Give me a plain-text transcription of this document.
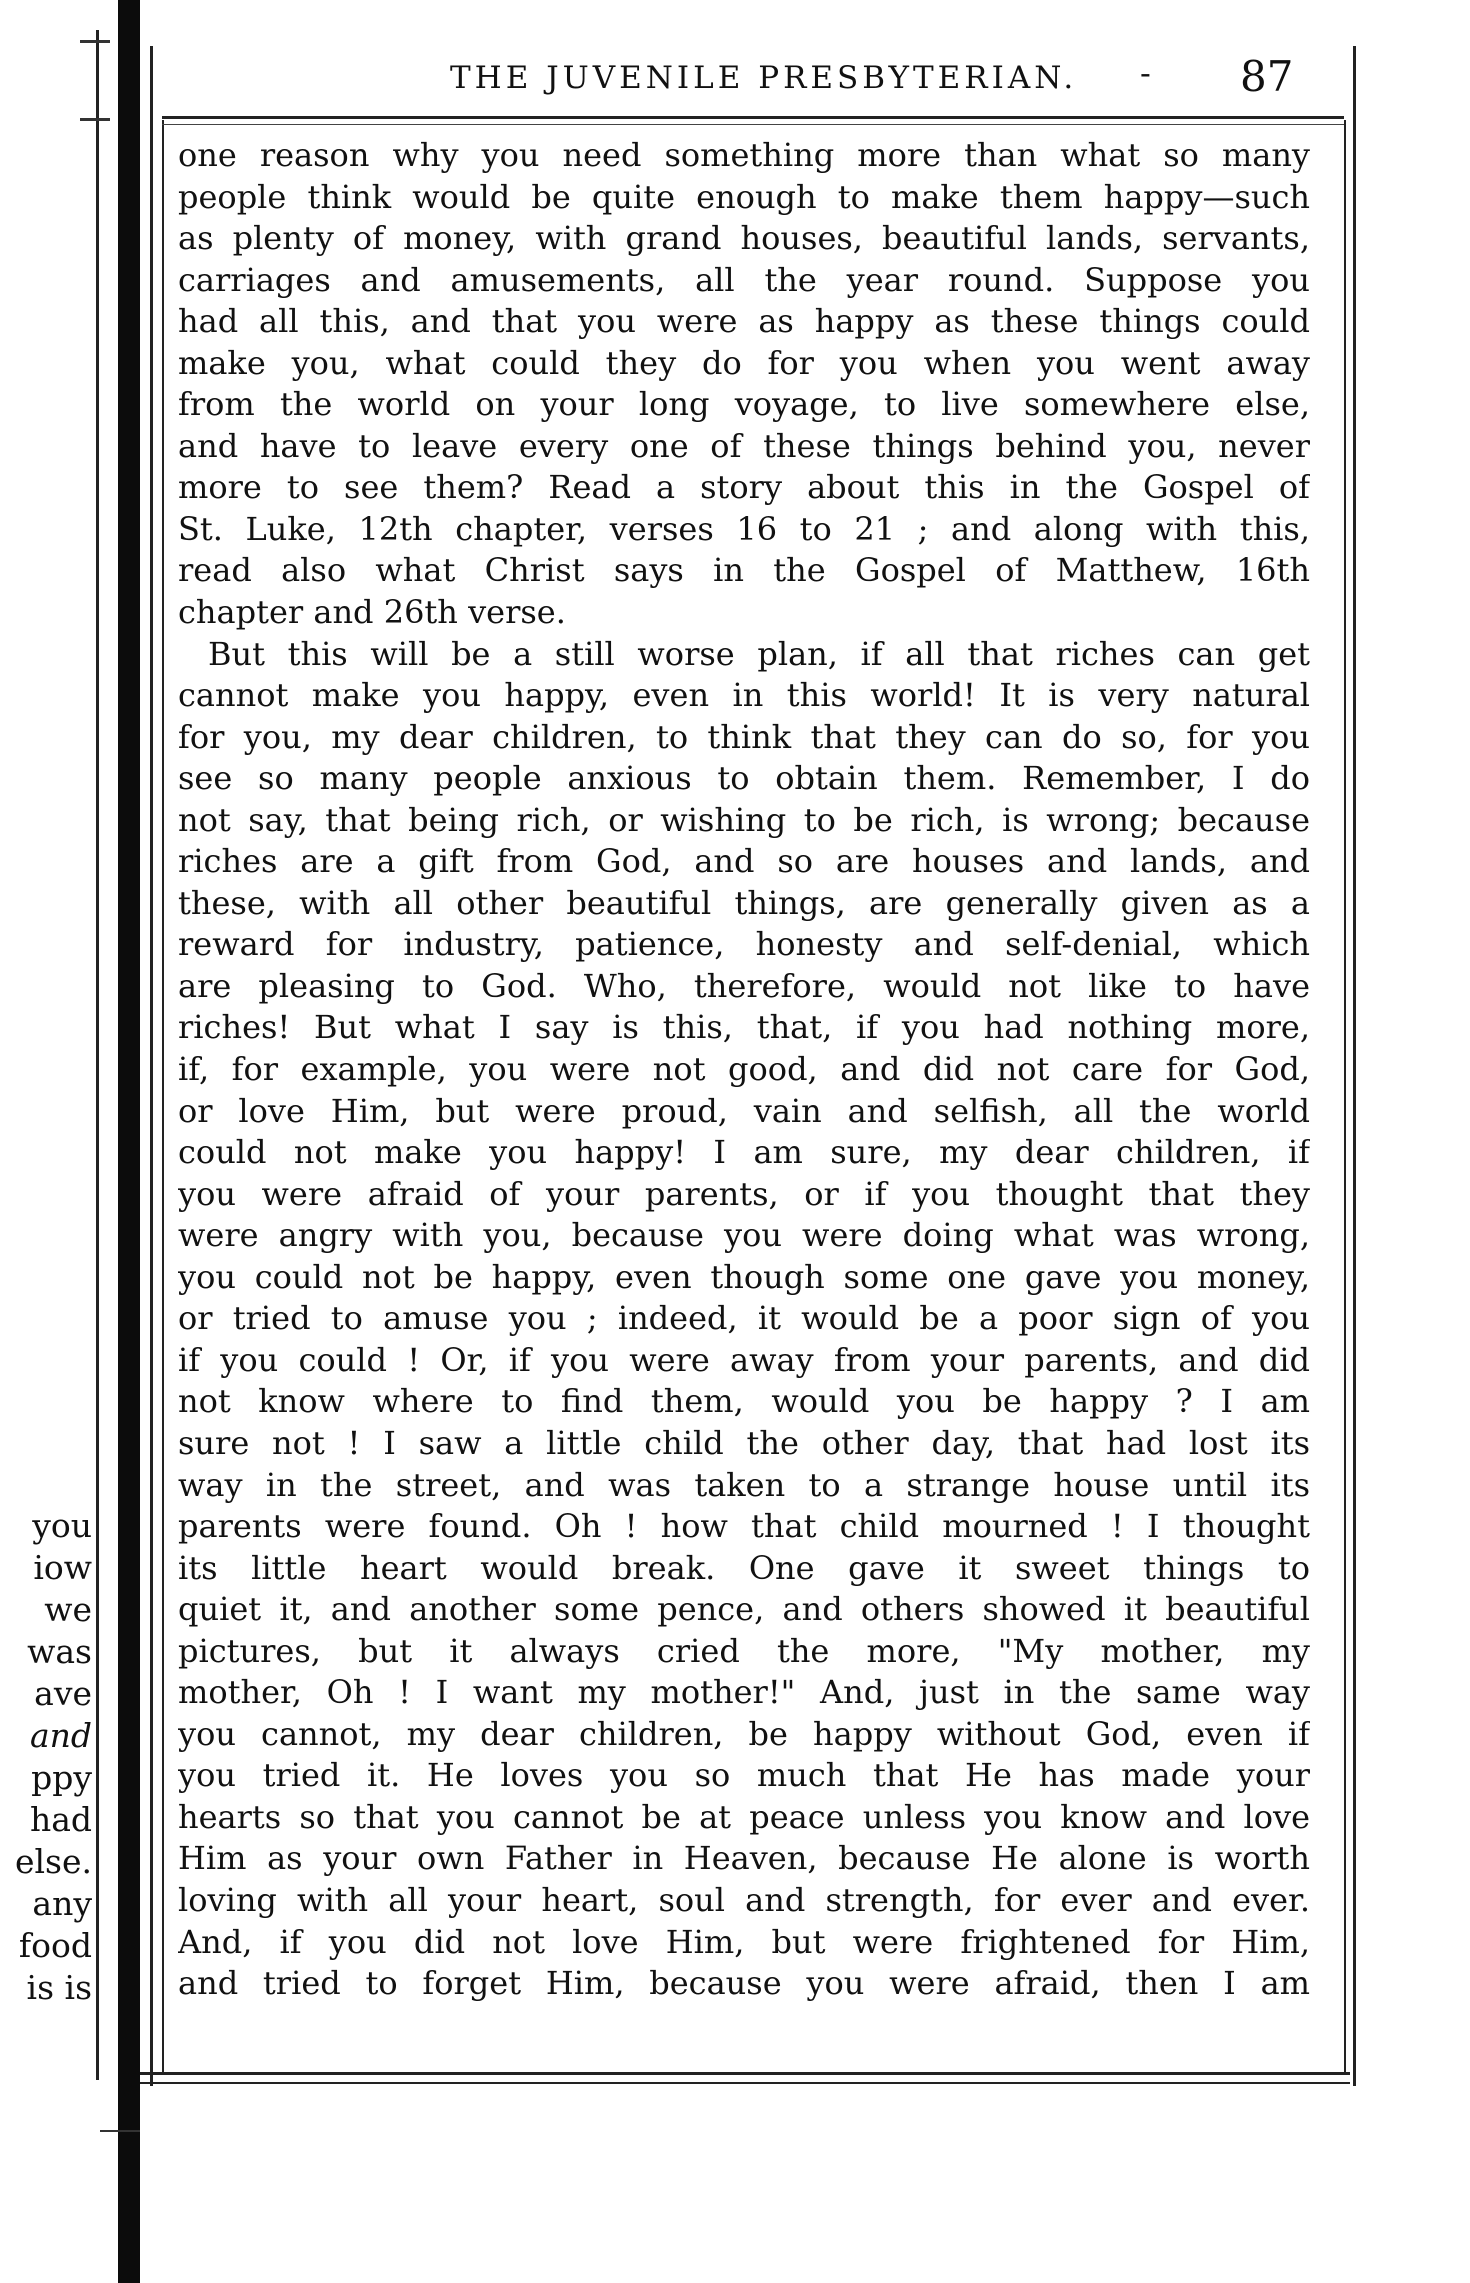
you
iow
we
was
ave
and
ppy
had
else.
any
food
is is
THE JUVENILE PRESBYTERIAN. - 87
one reason why you need something more than what so many
people think would be quite enough to make them happy—such
as plenty of money, with grand houses, beautiful lands, servants,
carriages and amusements, all the year round. Suppose you
had all this, and that you were as happy as these things could
make you, what could they do for you when you went away
from the world on your long voyage, to live somewhere else,
and have to leave every one of these things behind you, never
more to see them? Read a story about this in the Gospel of
St. Luke, 12th chapter, verses 16 to 21 ; and along with this,
read also what Christ says in the Gospel of Matthew, 16th
chapter and 26th verse.
But this will be a still worse plan, if all that riches can get
cannot make you happy, even in this world! It is very natural
for you, my dear children, to think that they can do so, for you
see so many people anxious to obtain them. Remember, I do
not say, that being rich, or wishing to be rich, is wrong; because
riches are a gift from God, and so are houses and lands, and
these, with all other beautiful things, are generally given as a
reward for industry, patience, honesty and self-denial, which
are pleasing to God. Who, therefore, would not like to have
riches! But what I say is this, that, if you had nothing more,
if, for example, you were not good, and did not care for God,
or love Him, but were proud, vain and selfish, all the world
could not make you happy! I am sure, my dear children, if
you were afraid of your parents, or if you thought that they
were angry with you, because you were doing what was wrong,
you could not be happy, even though some one gave you money,
or tried to amuse you ; indeed, it would be a poor sign of you
if you could ! Or, if you were away from your parents, and did
not know where to find them, would you be happy ? I am
sure not ! I saw a little child the other day, that had lost its
way in the street, and was taken to a strange house until its
parents were found. Oh ! how that child mourned ! I thought
its little heart would break. One gave it sweet things to
quiet it, and another some pence, and others showed it beautiful
pictures, but it always cried the more, "My mother, my
mother, Oh ! I want my mother!" And, just in the same way
you cannot, my dear children, be happy without God, even if
you tried it. He loves you so much that He has made your
hearts so that you cannot be at peace unless you know and love
Him as your own Father in Heaven, because He alone is worth
loving with all your heart, soul and strength, for ever and ever.
And, if you did not love Him, but were frightened for Him,
and tried to forget Him, because you were afraid, then I am
